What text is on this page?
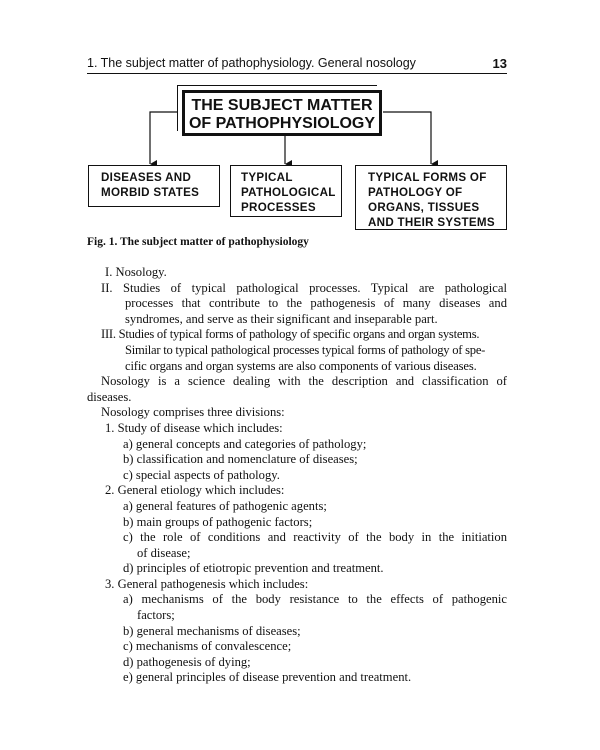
1. The subject matter of pathophysiology. General nosology	13
THE SUBJECT MATTER
OF PATHOPHYSIOLOGY
DISEASES AND
MORBID STATES
TYPICAL
PATHOLOGICAL
PROCESSES
TYPICAL FORMS OF
PATHOLOGY OF
ORGANS, TISSUES
AND THEIR SYSTEMS
Fig. 1. The subject matter of pathophysiology
I. Nosology.
II. Studies of typical pathological processes. Typical are pathological
processes that contribute to the pathogenesis of many diseases and
syndromes, and serve as their significant and inseparable part.
III. Studies of typical forms of pathology of specific organs and organ systems.
Similar to typical pathological processes typical forms of pathology of spe-
cific organs and organ systems are also components of various diseases.
Nosology is a science dealing with the description and classification of
diseases.
Nosology comprises three divisions:
1. Study of disease which includes:
a) general concepts and categories of pathology;
b) classification and nomenclature of diseases;
c) special aspects of pathology.
2. General etiology which includes:
a) general features of pathogenic agents;
b) main groups of pathogenic factors;
c) the role of conditions and reactivity of the body in the initiation
of disease;
d) principles of etiotropic prevention and treatment.
3. General pathogenesis which includes:
a) mechanisms of the body resistance to the effects of pathogenic
factors;
b) general mechanisms of diseases;
c) mechanisms of convalescence;
d) pathogenesis of dying;
e) general principles of disease prevention and treatment.
